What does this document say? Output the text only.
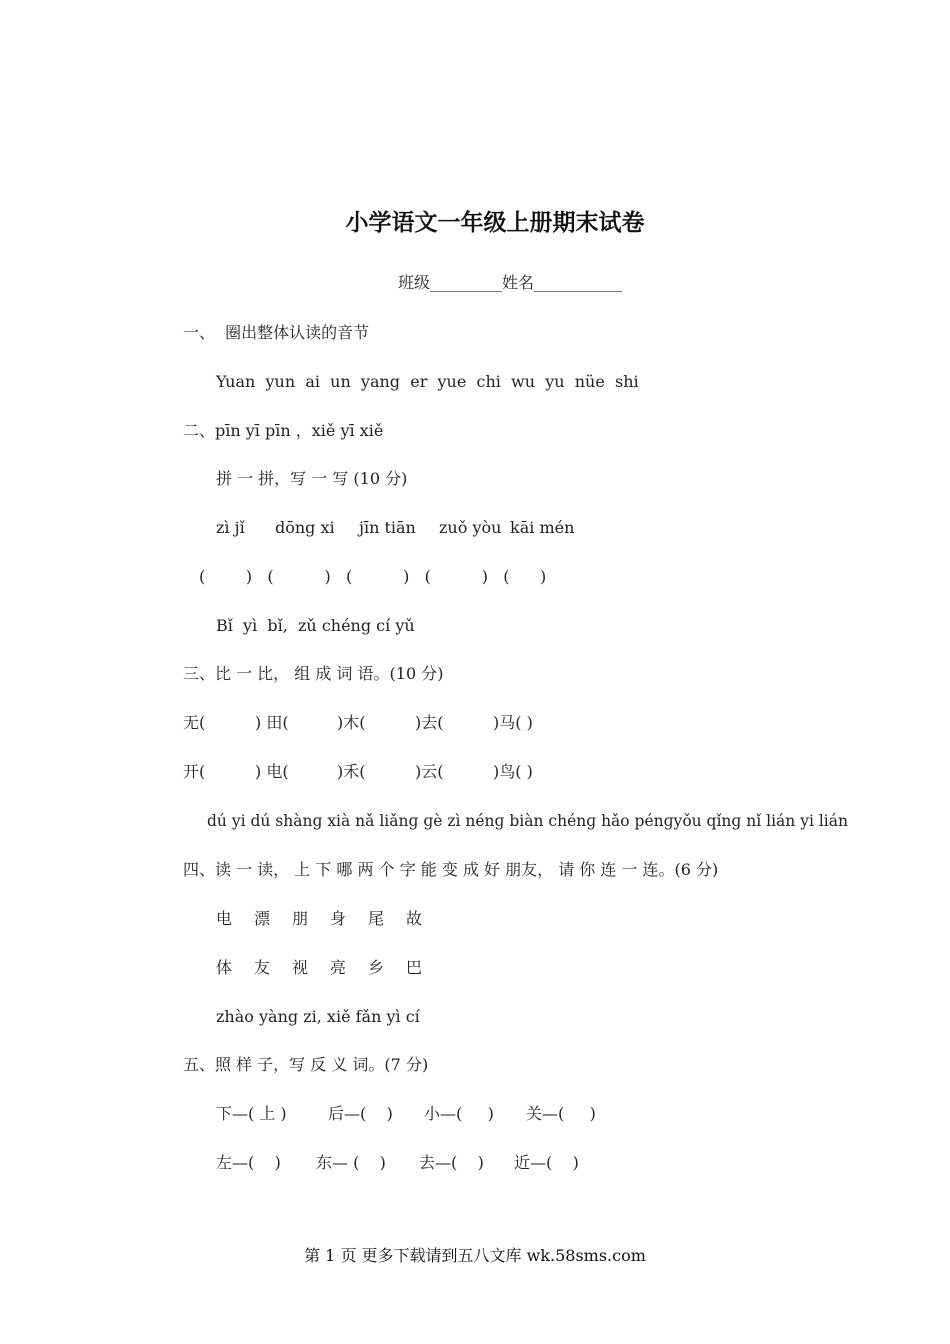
小学语文一年级上册期末试卷
班级_________姓名___________
一、  圈出整体认读的音节
Yuan  yun  ai  un  yang  er  yue  chi  wu  yu  nüe  shi
二、pīn yī pīn ，xiě yī xiě
拼 一 拼，写 一 写 (10 分)
zì jǐ dōng xi jīn tiān zuǒ yòu kāi mén
(        )   (          )   (          )   (          )   (      )
Bǐ  yì  bǐ,  zǔ chéng cí yǔ
三、比 一 比， 组 成 词 语。(10 分)
无(	) 田(	)木(	)去(	)马( )
开(	) 电(	)禾(	)云(	)鸟( )
dú yi dú shànɡ xià nǎ liǎnɡ ɡè zì nénɡ biàn chénɡ hǎo pénɡyǒu qǐnɡ nǐ lián yi lián
四、读 一 读， 上 下 哪 两 个 字 能 变 成 好 朋友， 请 你 连 一 连。(6 分)
电 漂 朋 身 尾 故
体 友 视 亮 乡 巴
zhào yàng zi, xiě fǎn yì cí
五、照 样 子，写 反 义 词。(7 分)
下—( 上 )	后—(    ) 小—(     ) 关—(     )
左—(    ) 东— (    ) 去—(    ) 近—(    )
第 1 页 更多下载请到五八文库 wk.58sms.com
